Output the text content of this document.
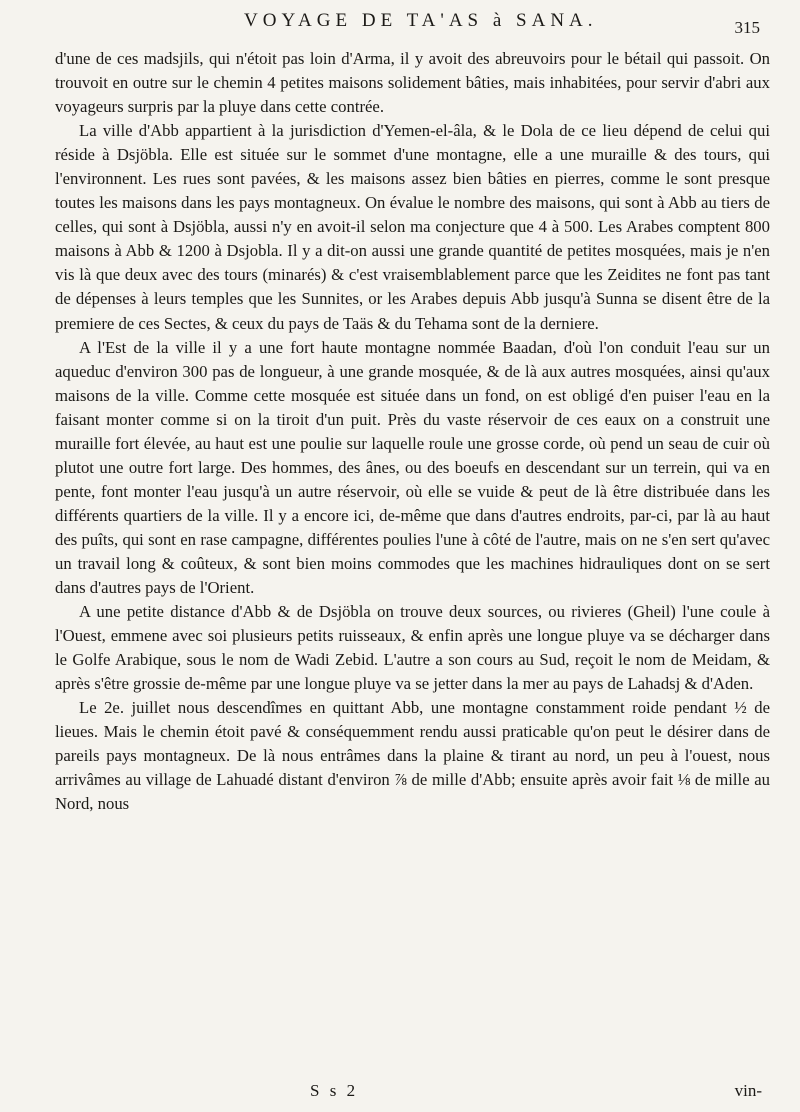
VOYAGE DE TA'AS à SANA.	315

d'une de ces madsjils, qui n'étoit pas loin d'Arma, il y avoit des abreuvoirs pour le bétail qui passoit. On trouvoit en outre sur le chemin 4 petites maisons solidement bâties, mais inhabitées, pour servir d'abri aux voyageurs surpris par la pluye dans cette contrée.

La ville d'Abb appartient à la jurisdiction d'Yemen-el-âla, & le Dola de ce lieu dépend de celui qui réside à Dsjöbla. Elle est située sur le sommet d'une montagne, elle a une muraille & des tours, qui l'environnent. Les rues sont pavées, & les maisons assez bien bâties en pierres, comme le sont presque toutes les maisons dans les pays montagneux. On évalue le nombre des maisons, qui sont à Abb au tiers de celles, qui sont à Dsjöbla, aussi n'y en avoit-il selon ma conjecture que 4 à 500. Les Arabes comptent 800 maisons à Abb & 1200 à Dsjobla. Il y a dit-on aussi une grande quantité de petites mosquées, mais je n'en vis là que deux avec des tours (minarés) & c'est vraisemblablement parce que les Zeidites ne font pas tant de dépenses à leurs temples que les Sunnites, or les Arabes depuis Abb jusqu'à Sunna se disent être de la premiere de ces Sectes, & ceux du pays de Taäs & du Tehama sont de la derniere.

A l'Est de la ville il y a une fort haute montagne nommée Baadan, d'où l'on conduit l'eau sur un aqueduc d'environ 300 pas de longueur, à une grande mosquée, & de là aux autres mosquées, ainsi qu'aux maisons de la ville. Comme cette mosquée est située dans un fond, on est obligé d'en puiser l'eau en la faisant monter comme si on la tiroit d'un puit. Près du vaste réservoir de ces eaux on a construit une muraille fort élevée, au haut est une poulie sur laquelle roule une grosse corde, où pend un seau de cuir où plutot une outre fort large. Des hommes, des ânes, ou des boeufs en descendant sur un terrein, qui va en pente, font monter l'eau jusqu'à un autre réservoir, où elle se vuide & peut de là être distribuée dans les différents quartiers de la ville. Il y a encore ici, de-même que dans d'autres endroits, par-ci, par là au haut des puîts, qui sont en rase campagne, différentes poulies l'une à côté de l'autre, mais on ne s'en sert qu'avec un travail long & coûteux, & sont bien moins commodes que les machines hidrauliques dont on se sert dans d'autres pays de l'Orient.

A une petite distance d'Abb & de Dsjöbla on trouve deux sources, ou rivieres (Gheil) l'une coule à l'Ouest, emmene avec soi plusieurs petits ruisseaux, & enfin après une longue pluye va se décharger dans le Golfe Arabique, sous le nom de Wadi Zebid. L'autre a son cours au Sud, reçoit le nom de Meidam, & après s'être grossie de-même par une longue pluye va se jetter dans la mer au pays de Lahadsj & d'Aden.

Le 2e. juillet nous descendîmes en quittant Abb, une montagne constamment roide pendant ½ de lieues. Mais le chemin étoit pavé & conséquemment rendu aussi praticable qu'on peut le désirer dans de pareils pays montagneux. De là nous entrâmes dans la plaine & tirant au nord, un peu à l'ouest, nous arrivâmes au village de Lahuadé distant d'environ ⅞ de mille d'Abb; ensuite après avoir fait ⅛ de mille au Nord, nous

S s 2	vin-
